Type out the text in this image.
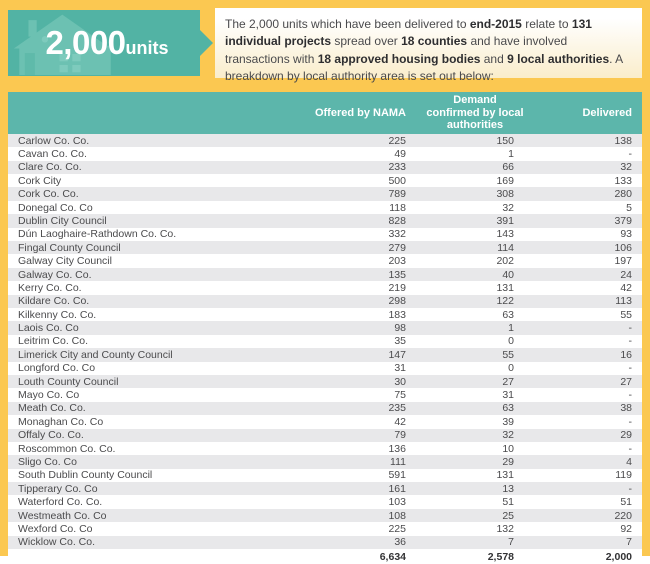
2,000 units
The 2,000 units which have been delivered to end-2015 relate to 131 individual projects spread over 18 counties and have involved transactions with 18 approved housing bodies and 9 local authorities. A breakdown by local authority area is set out below:
	Offered by NAMA	Demand confirmed by local authorities	Delivered
Carlow Co. Co.	225	150	138
Cavan Co. Co.	49	1	-
Clare Co. Co.	233	66	32
Cork City	500	169	133
Cork Co. Co.	789	308	280
Donegal Co. Co	118	32	5
Dublin City Council	828	391	379
Dún Laoghaire-Rathdown Co. Co.	332	143	93
Fingal County Council	279	114	106
Galway City Council	203	202	197
Galway Co. Co.	135	40	24
Kerry Co. Co.	219	131	42
Kildare Co. Co.	298	122	113
Kilkenny Co. Co.	183	63	55
Laois Co. Co	98	1	-
Leitrim Co. Co.	35	0	-
Limerick City and County Council	147	55	16
Longford Co. Co	31	0	-
Louth County Council	30	27	27
Mayo Co. Co	75	31	-
Meath Co. Co.	235	63	38
Monaghan Co. Co	42	39	-
Offaly Co. Co.	79	32	29
Roscommon Co. Co.	136	10	-
Sligo Co. Co	111	29	4
South Dublin County Council	591	131	119
Tipperary Co. Co	161	13	-
Waterford Co. Co.	103	51	51
Westmeath Co. Co	108	25	220
Wexford Co. Co	225	132	92
Wicklow Co. Co.	36	7	7
	6,634	2,578	2,000
